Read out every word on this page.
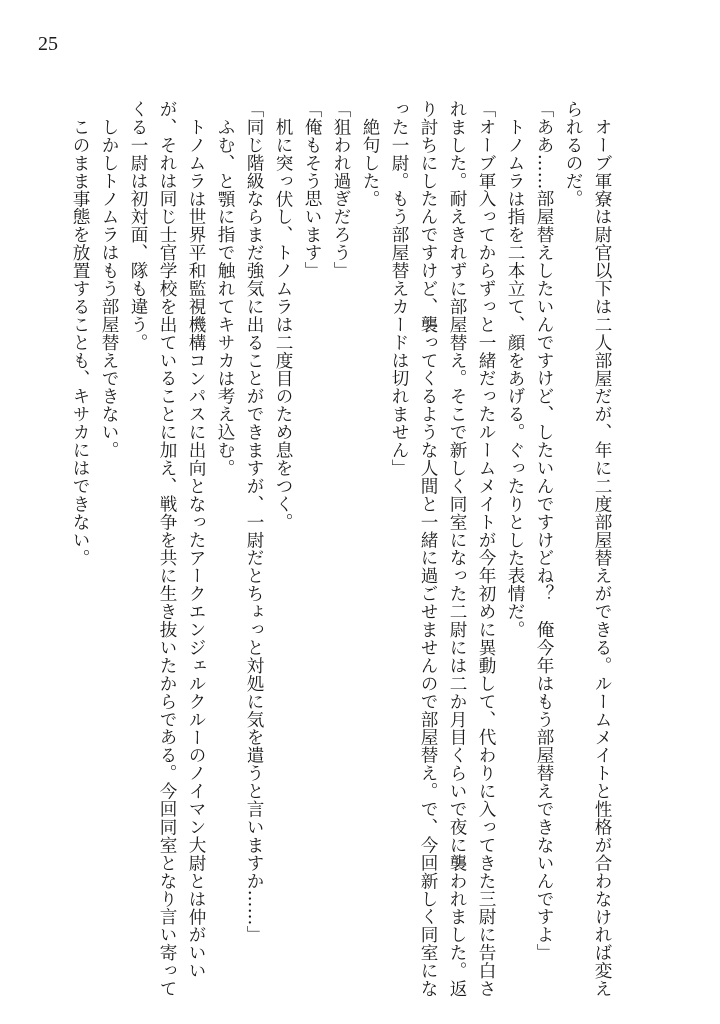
25

オーブ軍寮は尉官以下は二人部屋だが、年に二度部屋替えができる。ルームメイトと性格が合わなければ変えられるのだ。

「ああ……部屋替えしたいんですけど、したいんですけどね？　俺今年はもう部屋替えできないんですよ」

トノムラは指を二本立て、顔をあげる。ぐったりとした表情だ。

「オーブ軍入ってからずっと一緒だったルームメイトが今年初めに異動して、代わりに入ってきた三尉に告白されました。耐えきれずに部屋替え。そこで新しく同室になった二尉には二か月目くらいで夜に襲われました。返り討ちにしたんですけど、襲ってくるような人間と一緒に過ごせませんので部屋替え。で、今回新しく同室になった一尉。もう部屋替えカードは切れません」

絶句した。

「狙われ過ぎだろう」

「俺もそう思います」

机に突っ伏し、トノムラは二度目のため息をつく。

「同じ階級ならまだ強気に出ることができますが、一尉だとちょっと対処に気を遣うと言いますか……」

ふむ、と顎に指で触れてキサカは考え込む。

トノムラは世界平和監視機構コンパスに出向となったアークエンジェルクルーのノイマン大尉とは仲がいいが、それは同じ士官学校を出ていることに加え、戦争を共に生き抜いたからである。今回同室となり言い寄ってくる一尉は初対面、隊も違う。

しかしトノムラはもう部屋替えできない。

このまま事態を放置することも、キサカにはできない。
